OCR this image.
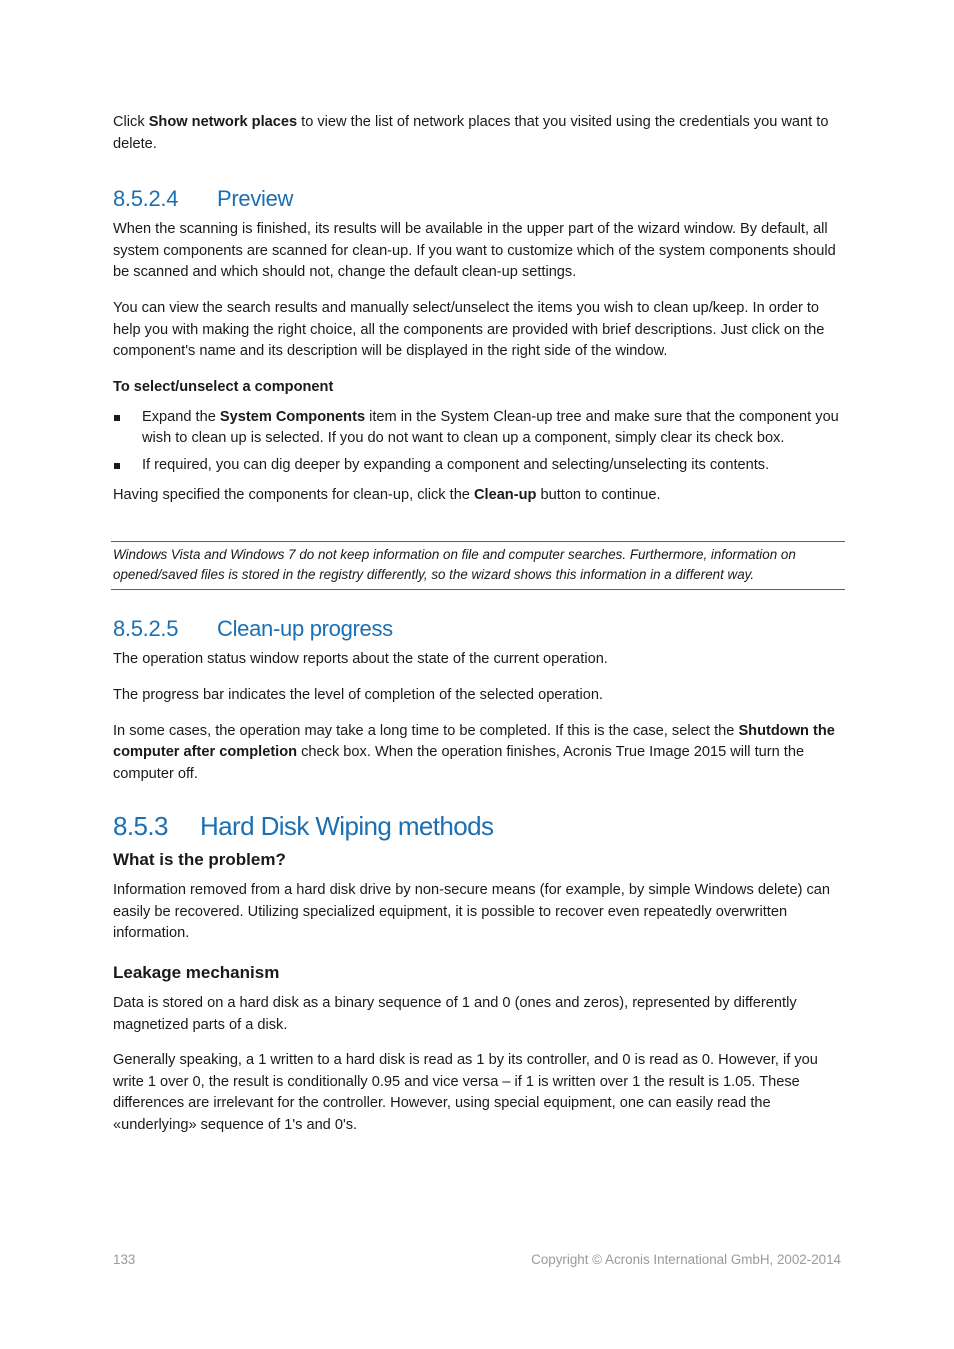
Click Show network places to view the list of network places that you visited using the credentials you want to delete.

8.5.2.4 Preview

When the scanning is finished, its results will be available in the upper part of the wizard window. By default, all system components are scanned for clean-up. If you want to customize which of the system components should be scanned and which should not, change the default clean-up settings.

You can view the search results and manually select/unselect the items you wish to clean up/keep. In order to help you with making the right choice, all the components are provided with brief descriptions. Just click on the component's name and its description will be displayed in the right side of the window.

To select/unselect a component
Expand the System Components item in the System Clean-up tree and make sure that the component you wish to clean up is selected. If you do not want to clean up a component, simply clear its check box.
If required, you can dig deeper by expanding a component and selecting/unselecting its contents.

Having specified the components for clean-up, click the Clean-up button to continue.

Windows Vista and Windows 7 do not keep information on file and computer searches. Furthermore, information on opened/saved files is stored in the registry differently, so the wizard shows this information in a different way.
8.5.2.5 Clean-up progress

The operation status window reports about the state of the current operation.

The progress bar indicates the level of completion of the selected operation.

In some cases, the operation may take a long time to be completed. If this is the case, select the Shutdown the computer after completion check box. When the operation finishes, Acronis True Image 2015 will turn the computer off.

8.5.3 Hard Disk Wiping methods
What is the problem?

Information removed from a hard disk drive by non-secure means (for example, by simple Windows delete) can easily be recovered. Utilizing specialized equipment, it is possible to recover even repeatedly overwritten information.

Leakage mechanism

Data is stored on a hard disk as a binary sequence of 1 and 0 (ones and zeros), represented by differently magnetized parts of a disk.

Generally speaking, a 1 written to a hard disk is read as 1 by its controller, and 0 is read as 0. However, if you write 1 over 0, the result is conditionally 0.95 and vice versa – if 1 is written over 1 the result is 1.05. These differences are irrelevant for the controller. However, using special equipment, one can easily read the «underlying» sequence of 1's and 0's.

133	Copyright © Acronis International GmbH, 2002-2014
